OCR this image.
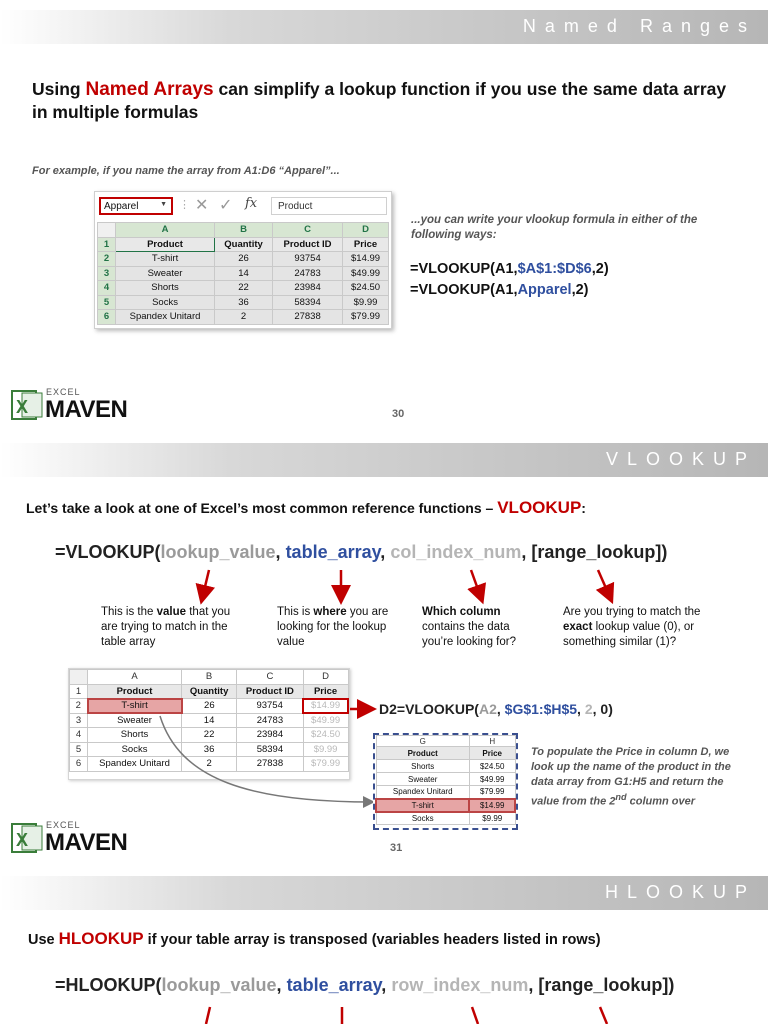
Named Ranges
Using Named Arrays can simplify a lookup function if you use the same data array in multiple formulas
For example, if you name the array from A1:D6 “Apparel”...
Apparel	▼ ⋮ ✕ ✓ fx	Product
	A	B	C	D
1	Product	Quantity	Product ID	Price
2	T-shirt	26	93754	$14.99
3	Sweater	14	24783	$49.99
4	Shorts	22	23984	$24.50
5	Socks	36	58394	$9.99
6	Spandex Unitard	2	27838	$79.99
...you can write your vlookup formula in either of the following ways:
=VLOOKUP(A1,$A$1:$D$6,2)
=VLOOKUP(A1,Apparel,2)
X
EXCEL
MAVEN	30
VLOOKUP
Let’s take a look at one of Excel’s most common reference functions – VLOOKUP:
=VLOOKUP(lookup_value, table_array, col_index_num, [range_lookup])
This is the value that you are trying to match in the table array
This is where you are looking for the lookup value
Which column contains the data you’re looking for?
Are you trying to match the exact lookup value (0), or something similar (1)?
	A	B	C	D
1	Product	Quantity	Product ID	Price
2	T-shirt	26	93754	$14.99
3	Sweater	14	24783	$49.99
4	Shorts	22	23984	$24.50
5	Socks	36	58394	$9.99
6	Spandex Unitard	2	27838	$79.99
D2=VLOOKUP(A2, $G$1:$H$5, 2, 0)
G	H
Product	Price
Shorts	$24.50
Sweater	$49.99
Spandex Unitard	$79.99
T-shirt	$14.99
Socks	$9.99
To populate the Price in column D, we look up the name of the product in the data array from G1:H5 and return the value from the 2nd column over
X
EXCEL
MAVEN	31
HLOOKUP
Use HLOOKUP if your table array is transposed (variables headers listed in rows)
=HLOOKUP(lookup_value, table_array, row_index_num, [range_lookup])
